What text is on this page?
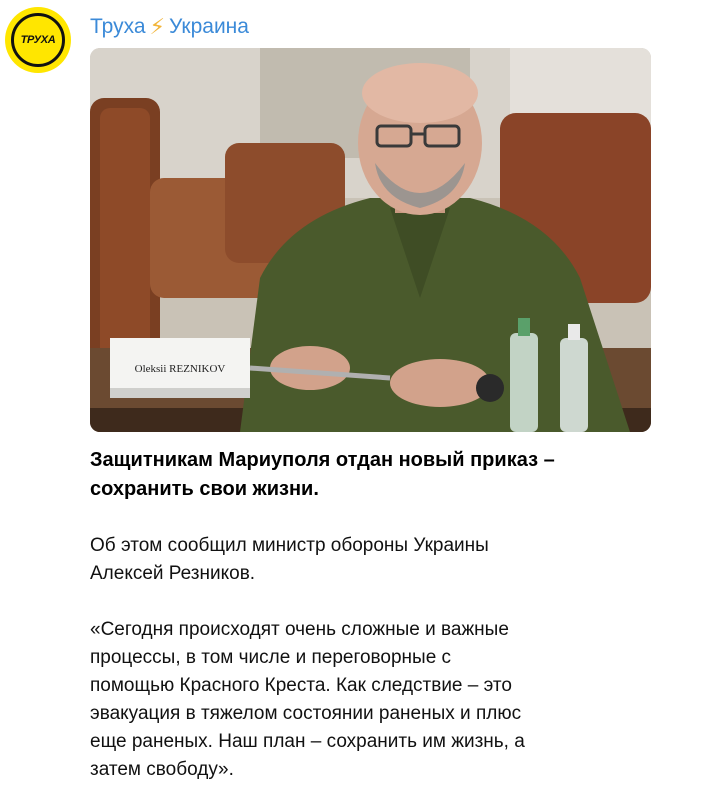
ТРУХА
Труха ⚡ Украина
Oleksii REZNIKOV
Защитникам Мариуполя отдан новый приказ –
сохранить свои жизни.
Об этом сообщил министр обороны Украины
Алексей Резников.
«Сегодня происходят очень сложные и важные
процессы, в том числе и переговорные с
помощью Красного Креста. Как следствие – это
эвакуация в тяжелом состоянии раненых и плюс
еще раненых. Наш план – сохранить им жизнь, а
затем свободу».
